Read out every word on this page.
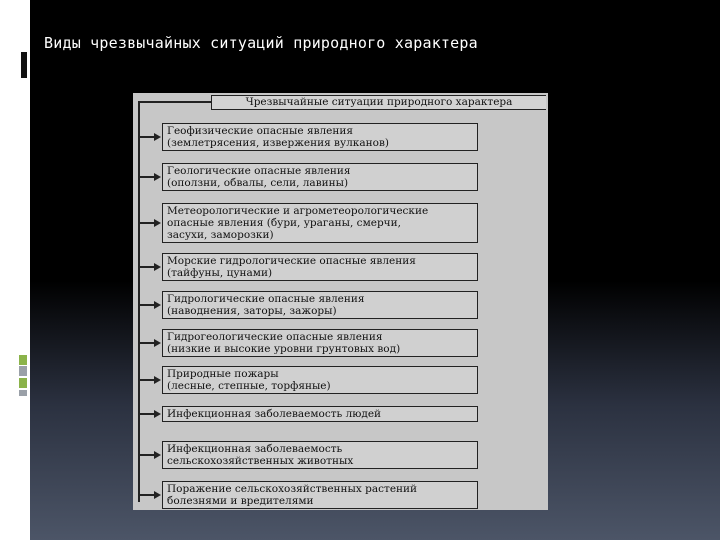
Виды чрезвычайных ситуаций природного характера
Чрезвычайные ситуации природного характера
Геофизические опасные явления
(землетрясения, извержения вулканов)
Геологические опасные явления
(оползни, обвалы, сели, лавины)
Метеорологические и агрометеорологические
опасные явления (бури, ураганы, смерчи,
засухи, заморозки)
Морские гидрологические опасные явления
(тайфуны, цунами)
Гидрологические опасные явления
(наводнения, заторы, зажоры)
Гидрогеологические опасные явления
(низкие и высокие уровни грунтовых вод)
Природные пожары
(лесные, степные, торфяные)
Инфекционная заболеваемость людей
Инфекционная заболеваемость
сельскохозяйственных животных
Поражение сельскохозяйственных растений
болезнями и вредителями
